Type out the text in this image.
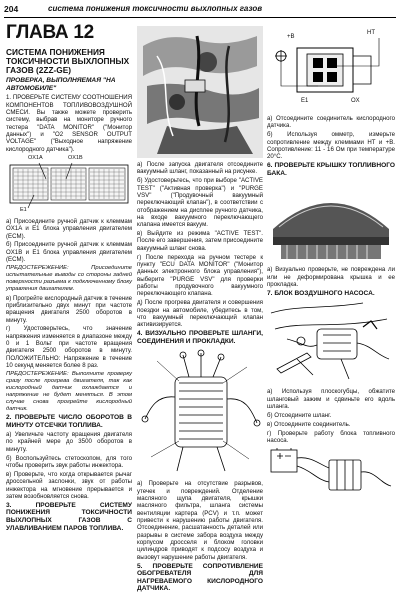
204	система понижения токсичности выхлопных газов
ГЛАВА 12
СИСТЕМА ПОНИЖЕНИЯ ТОКСИЧНОСТИ ВЫХЛОПНЫХ ГАЗОВ (2ZZ-GE)
ПРОВЕРКА, ВЫПОЛНЯЕМАЯ "НА АВТОМОБИЛЕ"

1. ПРОВЕРЬТЕ СИСТЕМУ СООТНОШЕНИЯ КОМПОНЕНТОВ ТОПЛИВОВОЗДУШНОЙ СМЕСИ. Вы также можете проверить систему, выбрав на мониторе ручного тестера "DATA MONITOR" ("Монитор данных") и "O2 SENSOR OUTPUT VOLTAGE" ("Выходное напряжение кислородного датчика").

OX1A	OX1B
E1

а) Присоедините ручной датчик к клеммам OX1A и E1 блока управления двигателем (ECM).

б) Присоедините ручной датчик к клеммам OX1B и E1 блока управления двигателем (ECM).

ПРЕДОСТЕРЕЖЕНИЕ: Присоедините испытательные выводы со стороны задней поверхности разъема к подключенному блоку управления двигателем.

в) Прогрейте кислородный датчик в течение приблизительно двух минут при частоте вращения двигателя 2500 оборотов в минуту.

г) Удостоверьтесь, что значение напряжения изменяется в диапазоне между 0 и 1 Вольт при частоте вращения двигателя 2500 оборотов в минуту. ПОЛОЖИТЕЛЬНО: Напряжение в течение 10 секунд меняется более 8 раз.

ПРЕДОСТЕРЕЖЕНИЕ: Выполните проверку сразу после прогрева двигателя, так как кислородный датчик охлаждается и напряжение не будет меняться. В этом случае снова прогрейте кислородный датчик.

2. ПРОВЕРЬТЕ ЧИСЛО ОБОРОТОВ В МИНУТУ ОТСЕЧКИ ТОПЛИВА.

а) Увеличьте частоту вращения двигателя по крайней мере до 3500 оборотов в минуту.

б) Воспользуйтесь стетоскопом, для того чтобы проверить звук работы инжектора.

в) Проверьте, что когда открывается рычаг дроссельной заслонки, звук от работы инжектора на мгновение прерывается и затем возобновляется снова.

3. ПРОВЕРЬТЕ СИСТЕМУ ПОНИЖЕНИЯ ТОКСИЧНОСТИ ВЫХЛОПНЫХ ГАЗОВ С УЛАВЛИВАНИЕМ ПАРОВ ТОПЛИВА.

а) После запуска двигателя отсоедините вакуумный шланг, показанный на рисунке.

б) Удостоверьтесь, что при выборе "ACTIVE TEST" ("Активная проверка") и "PURGE VSV" ("Продувочный вакуумный переключающий клапан"), в соответствии с отображением на дисплее ручного датчика, на входе вакуумного переключающего клапана имеется вакуум.

в) Выйдите из режима "ACTIVE TEST". После его завершения, затем присоедините вакуумный шланг снова.

г) После перехода на ручном тестере к пункту "ECU DATA MONITOR" ("Монитор данных электронного блока управления"), выберите "PURGE VSV" для проверки работы продувочного вакуумного переключающего клапана.

д) После прогрева двигателя и совершения поездки на автомобиле, убедитесь в том, что вакуумный переключающий клапан активизируется.

4. ВИЗУАЛЬНО ПРОВЕРЬТЕ ШЛАНГИ, СОЕДИНЕНИЯ И ПРОКЛАДКИ.

а) Проверьте на отсутствие разрывов, утечек и повреждений. Отделение масляного щупа двигателя, крышки масляного фильтра, шланга системы вентиляции картера (PCV) и т.п. может привести к нарушению работы двигателя. Отсоединение, расшатанность деталей или разрывы в системе забора воздуха между корпусом дросселя и блоком головки цилиндров приводят к подсосу воздуха и вызовут нарушение работы двигателя.

5. ПРОВЕРЬТЕ СОПРОТИВЛЕНИЕ ОБОГРЕВАТЕЛЯ ДЛЯ НАГРЕВАЕМОГО КИСЛОРОДНОГО ДАТЧИКА.

+B
HT
E1	OX

а) Отсоедините соединитель кислородного датчика.

б) Используя омметр, измерьте сопротивление между клеммами HT и +B. Сопротивление: 11 - 16 Ом при температуре 20°C.

6. ПРОВЕРЬТЕ КРЫШКУ ТОПЛИВНОГО БАКА.

а) Визуально проверьте, не повреждена ли или не деформирована крышка и ее прокладка.

7. БЛОК ВОЗДУШНОГО НАСОСА.

а) Используя плоскогубцы, обжатите шланговый зажим и сдвиньте его вдоль шланга.

б) Отсоедините шланг.

в) Отсоедините соединитель.

г) Проверьте работу блока топливного насоса.
